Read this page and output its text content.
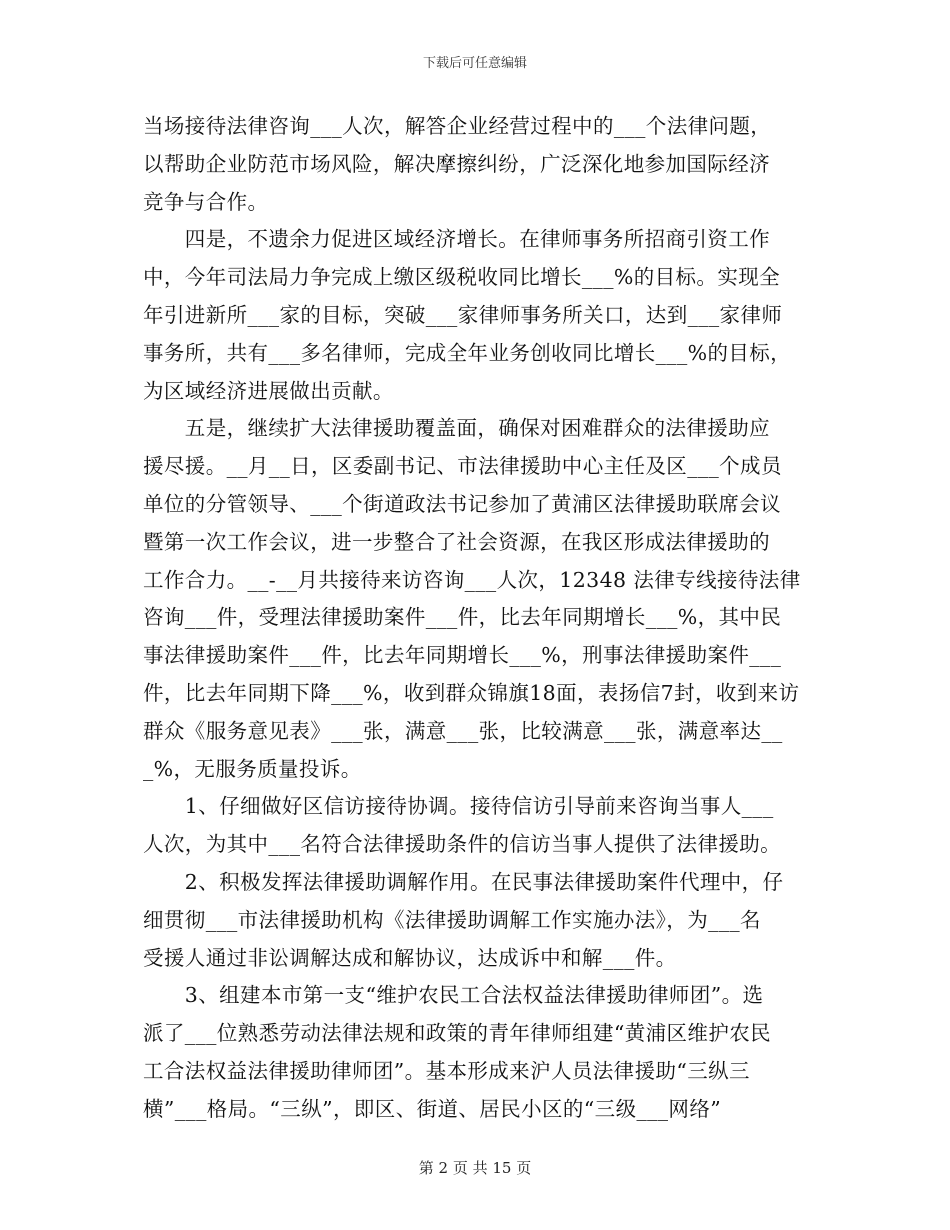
下载后可任意编辑
当场接待法律咨询___人次，解答企业经营过程中的___个法律问题，
以帮助企业防范市场风险，解决摩擦纠纷，广泛深化地参加国际经济
竞争与合作。
　　四是，不遗余力促进区域经济增长。在律师事务所招商引资工作
中，今年司法局力争完成上缴区级税收同比增长___%的目标。实现全
年引进新所___家的目标，突破___家律师事务所关口，达到___家律师
事务所，共有___多名律师，完成全年业务创收同比增长___%的目标，
为区域经济进展做出贡献。
　　五是，继续扩大法律援助覆盖面，确保对困难群众的法律援助应
援尽援。__月__日，区委副书记、市法律援助中心主任及区___个成员
单位的分管领导、___个街道政法书记参加了黄浦区法律援助联席会议
暨第一次工作会议，进一步整合了社会资源，在我区形成法律援助的
工作合力。__-__月共接待来访咨询___人次，12348 法律专线接待法律
咨询___件，受理法律援助案件___件，比去年同期增长___%，其中民
事法律援助案件___件，比去年同期增长___%，刑事法律援助案件___
件，比去年同期下降___%，收到群众锦旗18面，表扬信7封，收到来访
群众《服务意见表》___张，满意___张，比较满意___张，满意率达__
_%，无服务质量投诉。
　　1、仔细做好区信访接待协调。接待信访引导前来咨询当事人___
人次，为其中___名符合法律援助条件的信访当事人提供了法律援助。
　　2、积极发挥法律援助调解作用。在民事法律援助案件代理中，仔
细贯彻___市法律援助机构《法律援助调解工作实施办法》，为___名
受援人通过非讼调解达成和解协议，达成诉中和解___件。
　　3、组建本市第一支“维护农民工合法权益法律援助律师团”。选
派了___位熟悉劳动法律法规和政策的青年律师组建“黄浦区维护农民
工合法权益法律援助律师团”。基本形成来沪人员法律援助“三纵三
横”___格局。“三纵”，即区、街道、居民小区的“三级___网络”
第 2 页 共 15 页
